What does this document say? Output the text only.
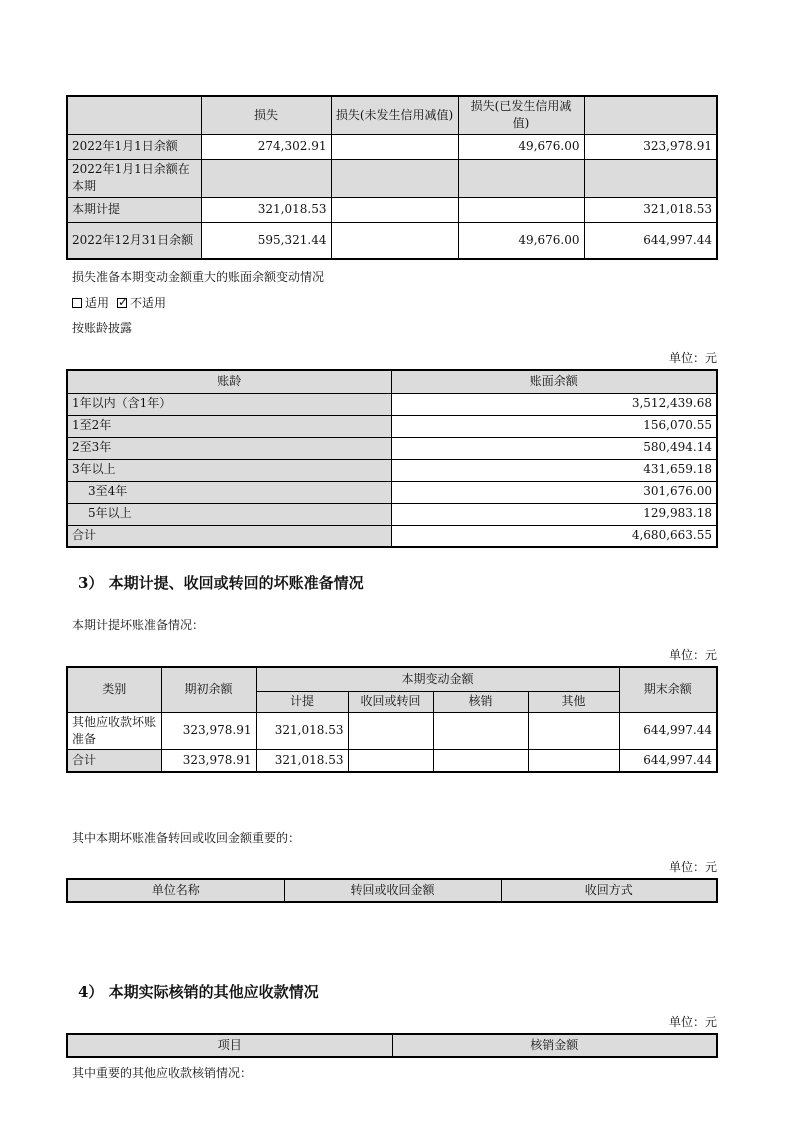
	损失	损失(未发生信用减值)	损失(已发生信用减值)	
2022年1月1日余额	274,302.91		49,676.00	323,978.91
2022年1月1日余额在本期				
本期计提	321,018.53			321,018.53
2022年12月31日余额	595,321.44		49,676.00	644,997.44

损失准备本期变动金额重大的账面余额变动情况

适用 ✓ 不适用

按账龄披露

单位：元
账龄	账面余额
1年以内（含1年）	3,512,439.68
1至2年	156,070.55
2至3年	580,494.14
3年以上	431,659.18
3至4年	301,676.00
5年以上	129,983.18
合计	4,680,663.55
3） 本期计提、收回或转回的坏账准备情况

本期计提坏账准备情况：

单位：元
类别	期初余额	本期变动金额				期末余额
		计提	收回或转回	核销	其他	
其他应收款坏账准备	323,978.91	321,018.53				644,997.44
合计	323,978.91	321,018.53				644,997.44

其中本期坏账准备转回或收回金额重要的：

单位：元
单位名称	转回或收回金额	收回方式
4） 本期实际核销的其他应收款情况
单位：元
项目	核销金额

其中重要的其他应收款核销情况：
